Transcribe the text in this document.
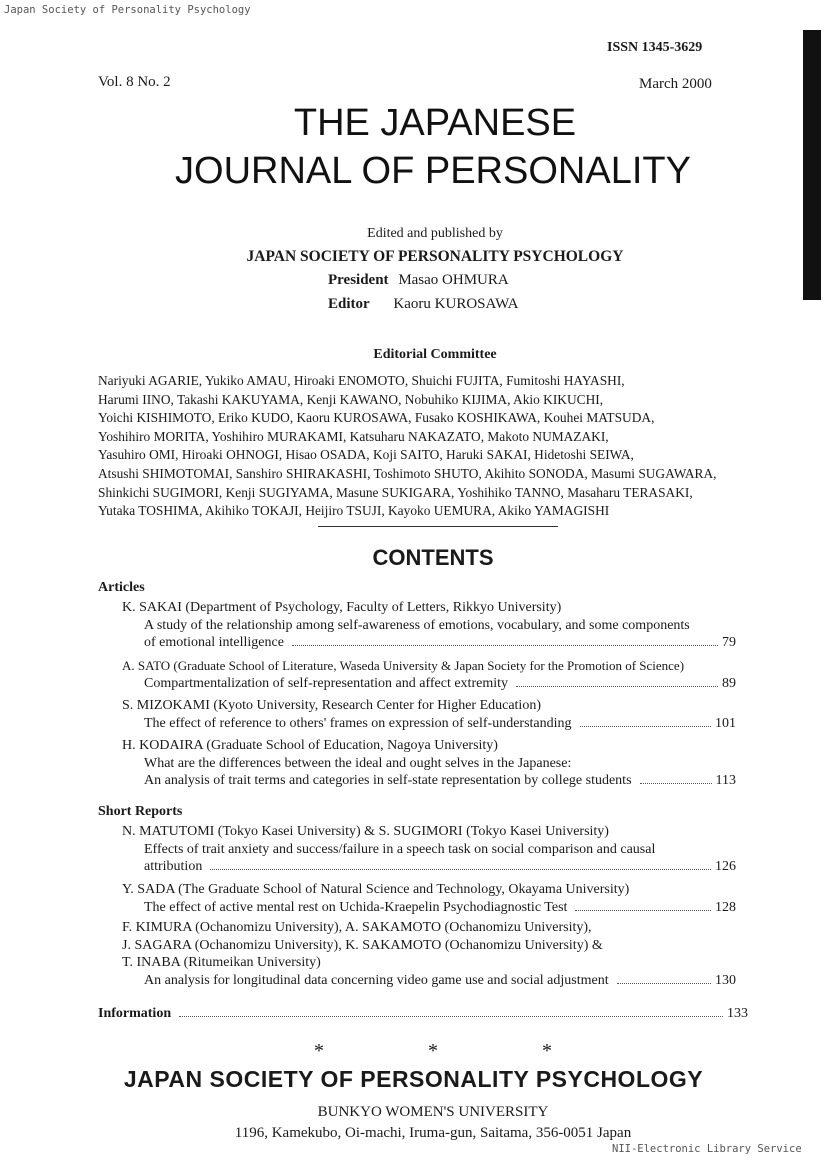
Japan Society of Personality Psychology
ISSN 1345-3629
Vol. 8 No. 2	March 2000
THE JAPANESE
JOURNAL OF PERSONALITY
Edited and published by
JAPAN SOCIETY OF PERSONALITY PSYCHOLOGY
President Masao OHMURA
Editor Kaoru KUROSAWA
Editorial Committee
Nariyuki AGARIE, Yukiko AMAU, Hiroaki ENOMOTO, Shuichi FUJITA, Fumitoshi HAYASHI,
Harumi IINO, Takashi KAKUYAMA, Kenji KAWANO, Nobuhiko KIJIMA, Akio KIKUCHI,
Yoichi KISHIMOTO, Eriko KUDO, Kaoru KUROSAWA, Fusako KOSHIKAWA, Kouhei MATSUDA,
Yoshihiro MORITA, Yoshihiro MURAKAMI, Katsuharu NAKAZATO, Makoto NUMAZAKI,
Yasuhiro OMI, Hiroaki OHNOGI, Hisao OSADA, Koji SAITO, Haruki SAKAI, Hidetoshi SEIWA,
Atsushi SHIMOTOMAI, Sanshiro SHIRAKASHI, Toshimoto SHUTO, Akihito SONODA, Masumi SUGAWARA,
Shinkichi SUGIMORI, Kenji SUGIYAMA, Masune SUKIGARA, Yoshihiko TANNO, Masaharu TERASAKI,
Yutaka TOSHIMA, Akihiko TOKAJI, Heijiro TSUJI, Kayoko UEMURA, Akiko YAMAGISHI
CONTENTS
Articles
K. SAKAI (Department of Psychology, Faculty of Letters, Rikkyo University)
A study of the relationship among self-awareness of emotions, vocabulary, and some components
of emotional intelligence	79
A. SATO (Graduate School of Literature, Waseda University & Japan Society for the Promotion of Science)
Compartmentalization of self-representation and affect extremity	89
S. MIZOKAMI (Kyoto University, Research Center for Higher Education)
The effect of reference to others' frames on expression of self-understanding	101
H. KODAIRA (Graduate School of Education, Nagoya University)
What are the differences between the ideal and ought selves in the Japanese:
An analysis of trait terms and categories in self-state representation by college students	113
Short Reports
N. MATUTOMI (Tokyo Kasei University) & S. SUGIMORI (Tokyo Kasei University)
Effects of trait anxiety and success/failure in a speech task on social comparison and causal
attribution	126
Y. SADA (The Graduate School of Natural Science and Technology, Okayama University)
The effect of active mental rest on Uchida-Kraepelin Psychodiagnostic Test	128
F. KIMURA (Ochanomizu University), A. SAKAMOTO (Ochanomizu University),
J. SAGARA (Ochanomizu University), K. SAKAMOTO (Ochanomizu University) &
T. INABA (Ritumeikan University)
An analysis for longitudinal data concerning video game use and social adjustment	130
Information	133
*	*	*
JAPAN SOCIETY OF PERSONALITY PSYCHOLOGY
BUNKYO WOMEN'S UNIVERSITY
1196, Kamekubo, Oi-machi, Iruma-gun, Saitama, 356-0051 Japan
NII-Electronic Library Service
